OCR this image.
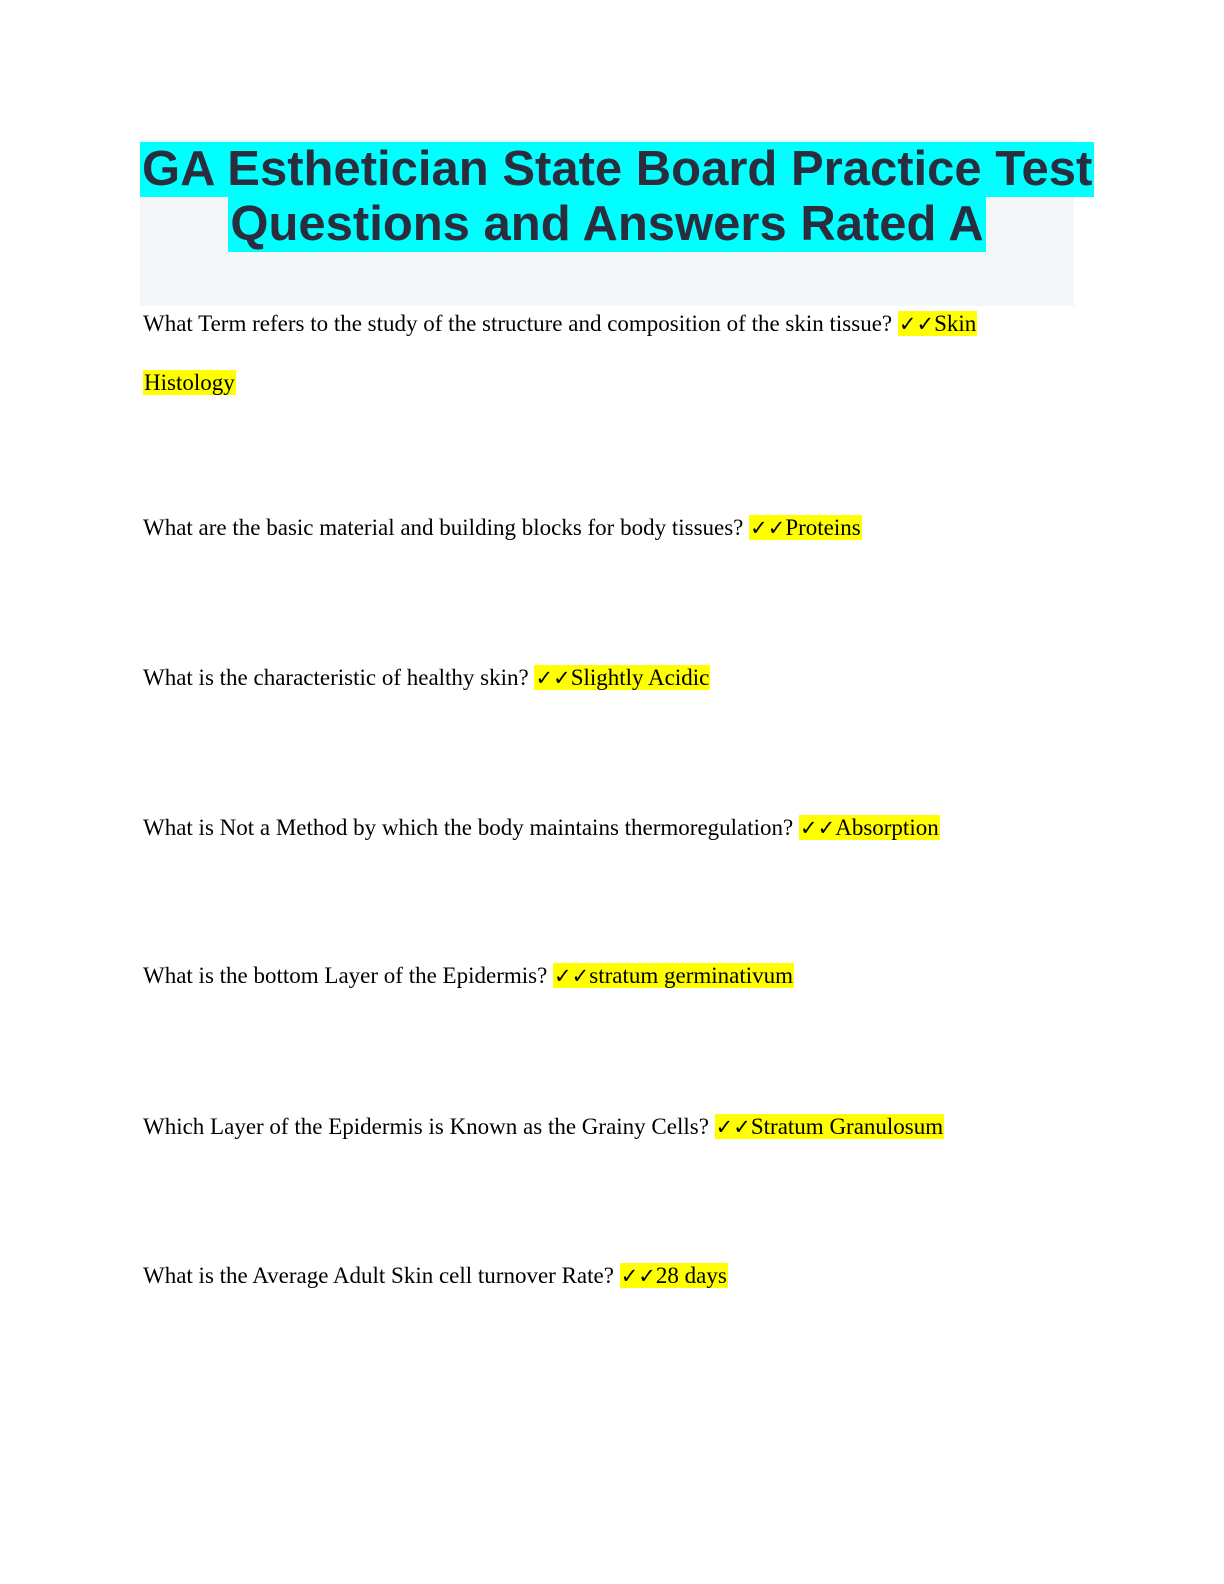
GA Esthetician State Board Practice Test
Questions and Answers Rated A
What Term refers to the study of the structure and composition of the skin tissue? ✓✓Skin
Histology
What are the basic material and building blocks for body tissues? ✓✓Proteins
What is the characteristic of healthy skin? ✓✓Slightly Acidic
What is Not a Method by which the body maintains thermoregulation? ✓✓Absorption
What is the bottom Layer of the Epidermis? ✓✓stratum germinativum
Which Layer of the Epidermis is Known as the Grainy Cells? ✓✓Stratum Granulosum
What is the Average Adult Skin cell turnover Rate? ✓✓28 days
